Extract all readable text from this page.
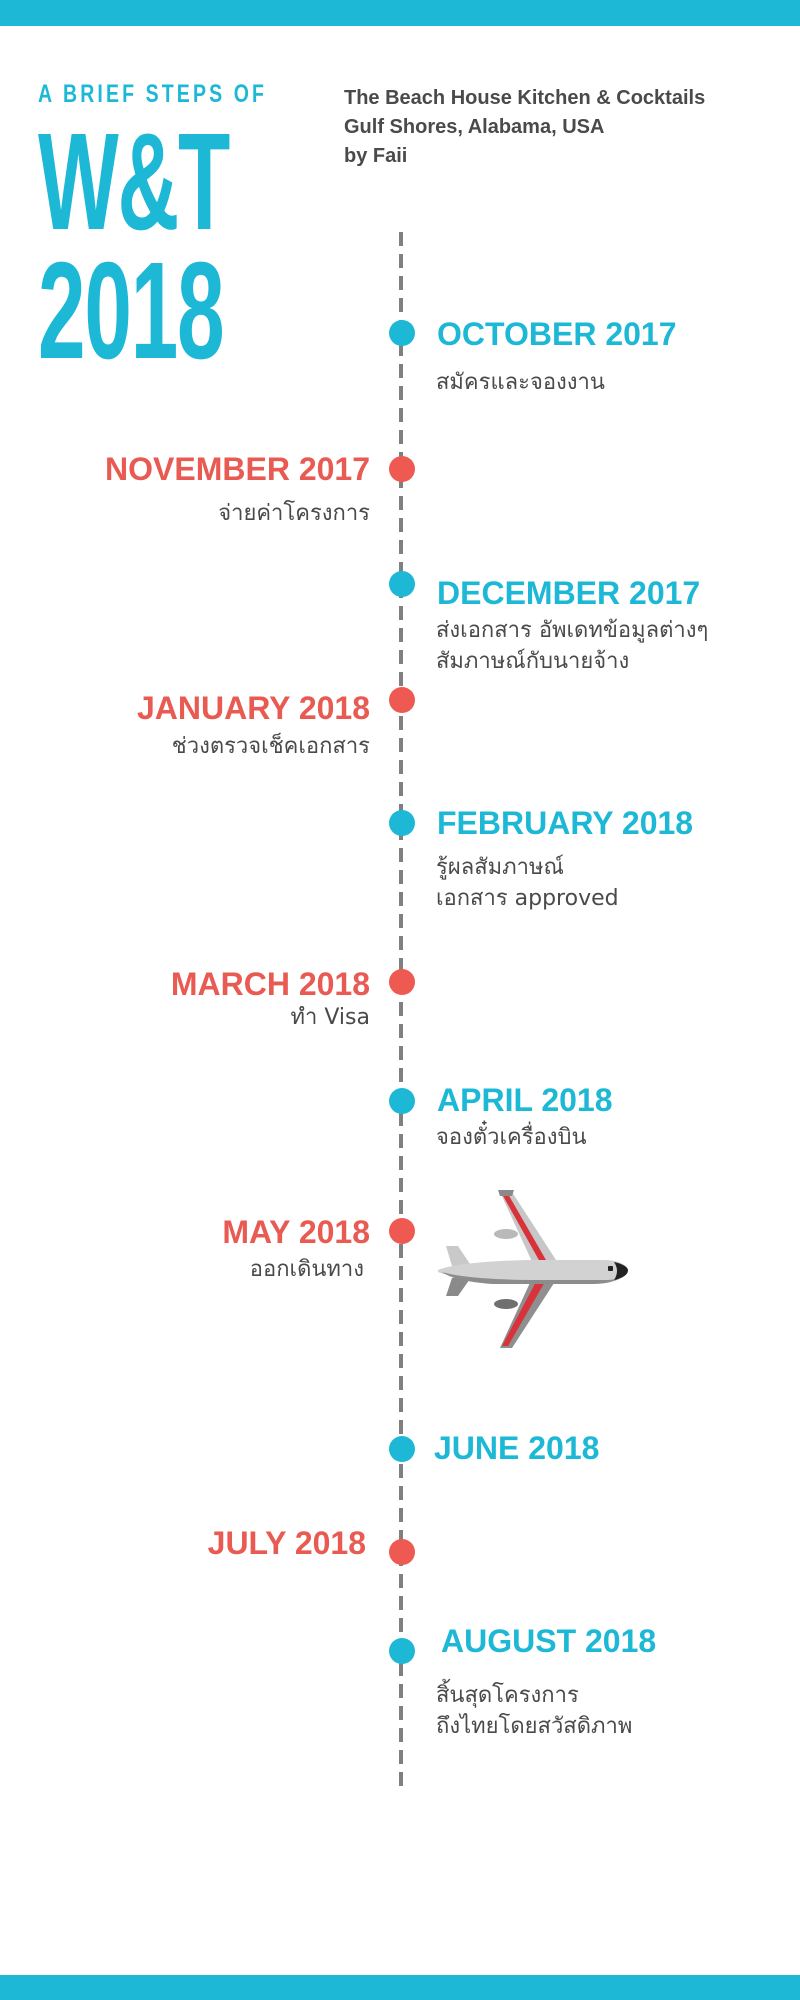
A BRIEF STEPS OF
W&T
2018
The Beach House Kitchen & Cocktails
Gulf Shores, Alabama, USA
by Faii
OCTOBER 2017
สมัครและจองงาน
NOVEMBER 2017
จ่ายค่าโครงการ
DECEMBER 2017
ส่งเอกสาร อัพเดทข้อมูลต่างๆ
สัมภาษณ์กับนายจ้าง
JANUARY 2018
ช่วงตรวจเช็คเอกสาร
FEBRUARY 2018
รู้ผลสัมภาษณ์
เอกสาร approved
MARCH 2018
ทำ Visa
APRIL 2018
จองตั๋วเครื่องบิน
MAY 2018
ออกเดินทาง
JUNE 2018
JULY 2018
AUGUST 2018
สิ้นสุดโครงการ
ถึงไทยโดยสวัสดิภาพ
